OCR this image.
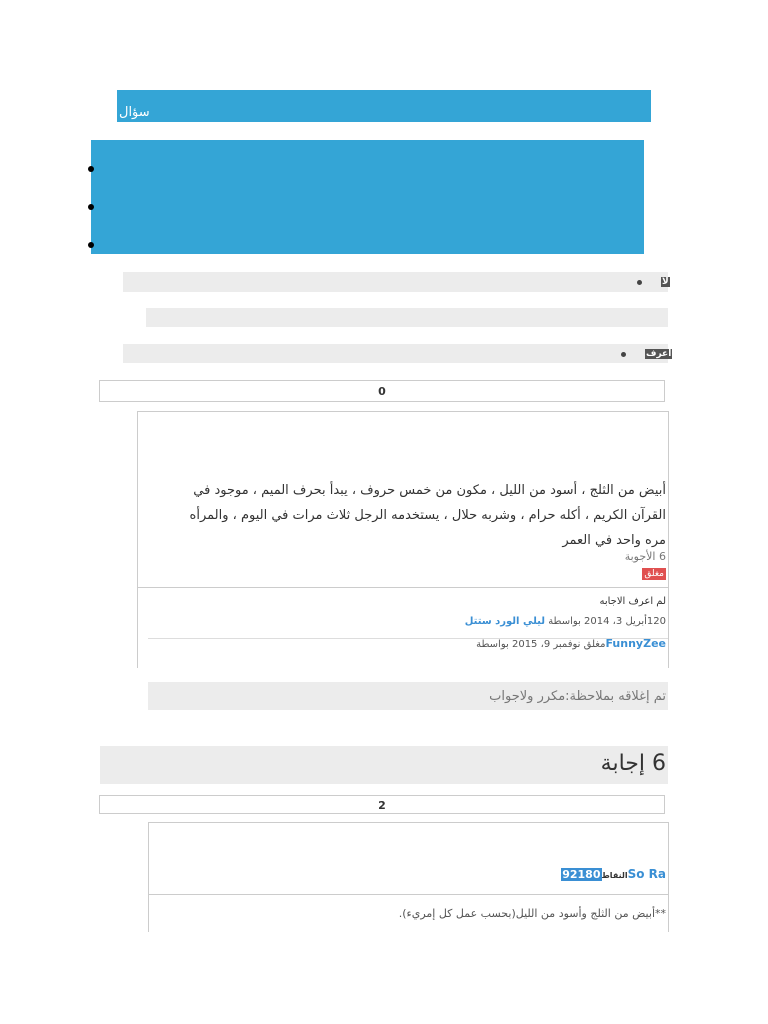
سؤال
لا
اعرف
0
أبيض من الثلج ، أسود من الليل ، مكون من خمس حروف ، يبدأ بحرف الميم ، موجود في القرآن الكريم ، أكله حرام ، وشربه حلال ، يستخدمه الرجل ثلاث مرات في اليوم ، والمرأه مره واحد في العمر
6 الأجوبة
مغلق
لم اعرف الاجابه
120أبريل 3، 2014 بواسطة ليلي الورد ستتل
FunnyZeeمغلق نوفمبر 9، 2015 بواسطة
تم إغلاقه بملاحظة:مكرر ولاجواب
6 إجابة
2
So Raالنقاط92180
**أبيض من الثلج وأسود من الليل(بحسب عمل كل إمريء).
